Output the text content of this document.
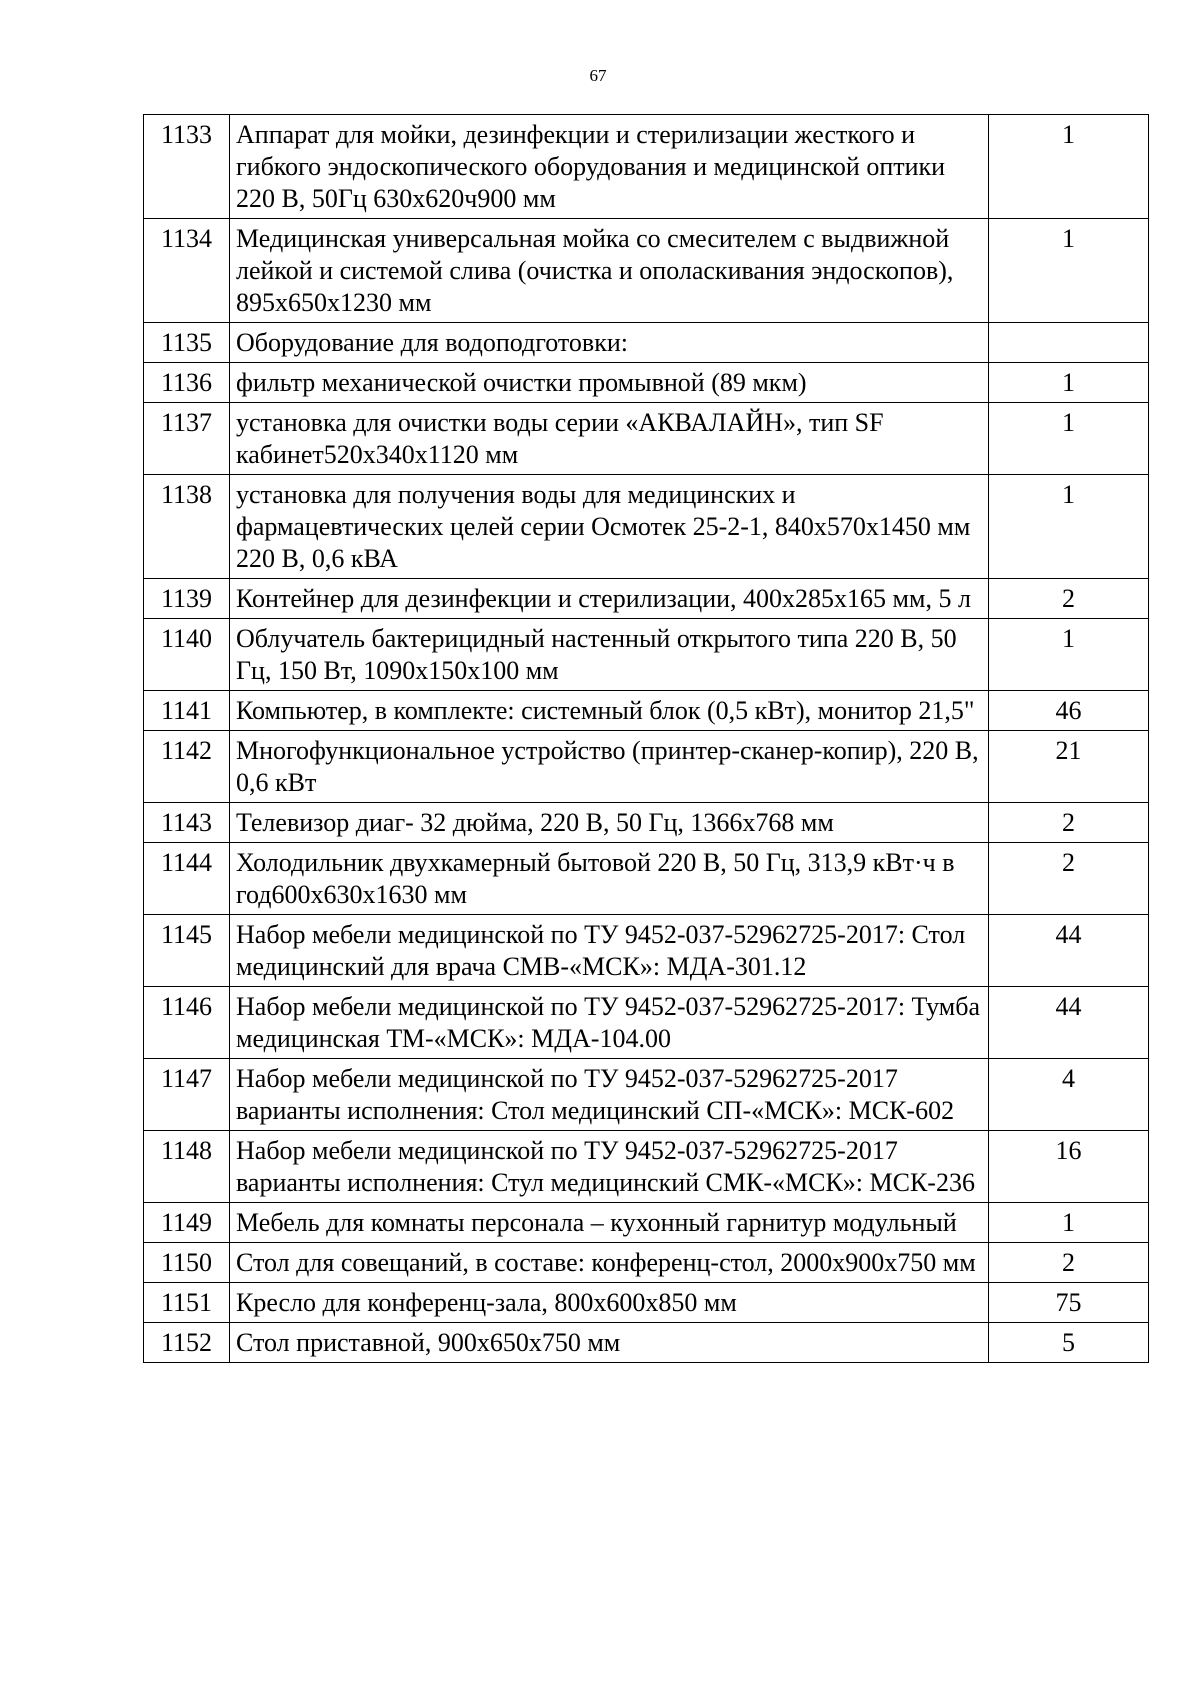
67
1133	Аппарат для мойки, дезинфекции и стерилизации жесткого и гибкого эндоскопического оборудования и медицинской оптики 220 В, 50Гц 630х620ч900 мм	1
1134	Медицинская универсальная мойка со смесителем с выдвижной лейкой и системой слива (очистка и ополаскивания эндоскопов), 895х650х1230 мм	1
1135	Оборудование для водоподготовки:	
1136	фильтр механической очистки промывной (89 мкм)	1
1137	установка для очистки воды серии «АКВАЛАЙН», тип SF кабинет520х340х1120 мм	1
1138	установка для получения воды для медицинских и фармацевтических целей серии Осмотек 25-2-1, 840х570х1450 мм 220 В, 0,6 кВА	1
1139	Контейнер для дезинфекции и стерилизации, 400х285х165 мм, 5 л	2
1140	Облучатель бактерицидный настенный открытого типа 220 В, 50 Гц, 150 Вт, 1090х150х100 мм	1
1141	Компьютер, в комплекте: системный блок (0,5 кВт), монитор 21,5"	46
1142	Многофункциональное устройство (принтер-сканер-копир), 220 В, 0,6 кВт	21
1143	Телевизор диаг- 32 дюйма, 220 В, 50 Гц, 1366х768 мм	2
1144	Холодильник двухкамерный бытовой 220 В, 50 Гц, 313,9 кВт·ч в год600х630х1630 мм	2
1145	Набор мебели медицинской по ТУ 9452-037-52962725-2017: Стол медицинский для врача СМВ-«МСК»: МДА-301.12	44
1146	Набор мебели медицинской по ТУ 9452-037-52962725-2017: Тумба медицинская ТМ-«МСК»: МДА-104.00	44
1147	Набор мебели медицинской по ТУ 9452-037-52962725-2017 варианты исполнения: Стол медицинский СП-«МСК»: МСК-602	4
1148	Набор мебели медицинской по ТУ 9452-037-52962725-2017 варианты исполнения: Стул медицинский СМК-«МСК»: МСК-236	16
1149	Мебель для комнаты персонала – кухонный гарнитур модульный	1
1150	Стол для совещаний, в составе: конференц-стол, 2000х900х750 мм	2
1151	Кресло для конференц-зала, 800х600х850 мм	75
1152	Стол приставной, 900х650х750 мм	5
